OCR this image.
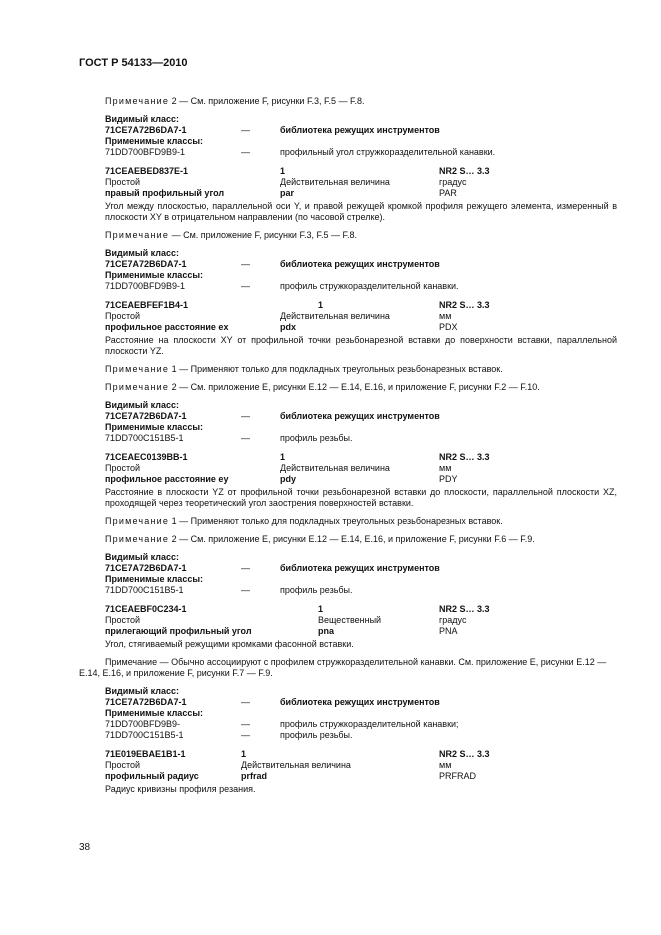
ГОСТ Р 54133—2010
Примечание 2 — См. приложение F, рисунки F.3, F.5 — F.8.
Видимый класс:
71CE7A72B6DA7-1	—	библиотека режущих инструментов
Применимые классы:
71DD700BFD9B9-1	—	профильный угол стружкоразделительной канавки.
71CEAEBED837E-1	1	NR2 S… 3.3
Простой	Действительная величина	градус
правый профильный угол	par	PAR
Угол между плоскостью, параллельной оси Y, и правой режущей кромкой профиля режущего элемента, измеренный в плоскости XY в отрицательном направлении (по часовой стрелке).
Примечание — См. приложение F, рисунки F.3, F.5 — F.8.
Видимый класс:
71CE7A72B6DA7-1	—	библиотека режущих инструментов
Применимые классы:
71DD700BFD9B9-1	—	профиль стружкоразделительной канавки.
71CEAEBFEF1B4-1	1	NR2 S… 3.3
Простой	Действительная величина	мм
профильное расстояние ex	pdx	PDX
Расстояние на плоскости XY от профильной точки резьбонарезной вставки до поверхности вставки, параллельной плоскости YZ.
Примечание 1 — Применяют только для подкладных треугольных резьбонарезных вставок.
Примечание 2 — См. приложение Е, рисунки Е.12 — Е.14, Е.16, и приложение F, рисунки F.2 — F.10.
Видимый класс:
71CE7A72B6DA7-1	—	библиотека режущих инструментов
Применимые классы:
71DD700C151B5-1	—	профиль резьбы.
71CEAEC0139BB-1	1	NR2 S… 3.3
Простой	Действительная величина	мм
профильное расстояние ey	pdy	PDY
Расстояние в плоскости YZ от профильной точки резьбонарезной вставки до плоскости, параллельной плоскости XZ, проходящей через теоретический угол заострения поверхностей вставки.
Примечание 1 — Применяют только для подкладных треугольных резьбонарезных вставок.
Примечание 2 — См. приложение Е, рисунки Е.12 — Е.14, Е.16, и приложение F, рисунки F.6 — F.9.
Видимый класс:
71CE7A72B6DA7-1	—	библиотека режущих инструментов
Применимые классы:
71DD700C151B5-1	—	профиль резьбы.
71CEAEBF0C234-1	1	NR2 S… 3.3
Простой	Вещественный	градус
прилегающий профильный угол	pna	PNA
Угол, стягиваемый режущими кромками фасонной вставки.
Примечание — Обычно ассоциируют с профилем стружкоразделительной канавки. См. приложение Е, рисунки Е.12 — Е.14, Е.16, и приложение F, рисунки F.7 — F.9.
Видимый класс:
71CE7A72B6DA7-1	—	библиотека режущих инструментов
Применимые классы:
71DD700BFD9B9-	—	профиль стружкоразделительной канавки;
71DD700C151B5-1	—	профиль резьбы.
71E019EBAE1B1-1	1	NR2 S… 3.3
Простой	Действительная величина	мм
профильный радиус	prfrad	PRFRAD
Радиус кривизны профиля резания.
38
